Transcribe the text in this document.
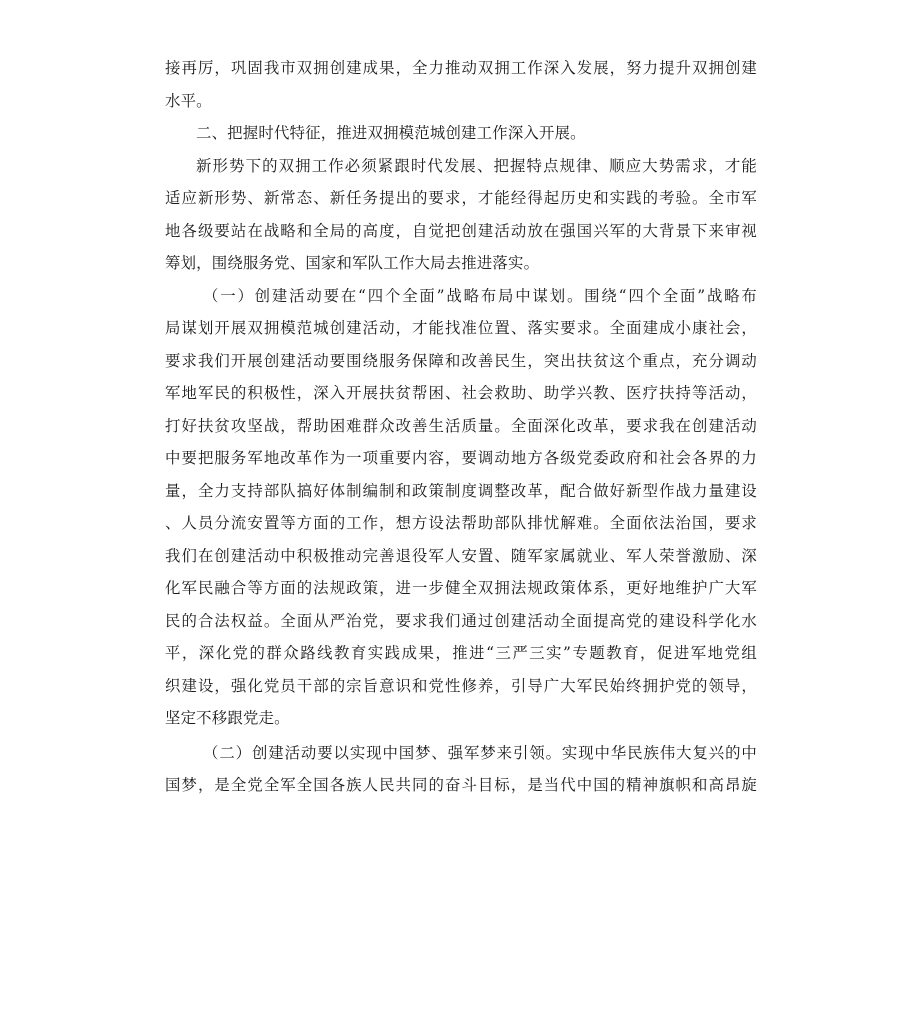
接再厉，巩固我市双拥创建成果，全力推动双拥工作深入发展，努力提升双拥创建
水平。
二、把握时代特征，推进双拥模范城创建工作深入开展。
新形势下的双拥工作必须紧跟时代发展、把握特点规律、顺应大势需求，才能
适应新形势、新常态、新任务提出的要求，才能经得起历史和实践的考验。全市军
地各级要站在战略和全局的高度，自觉把创建活动放在强国兴军的大背景下来审视
筹划，围绕服务党、国家和军队工作大局去推进落实。
（一）创建活动要在“四个全面”战略布局中谋划。围绕“四个全面”战略布
局谋划开展双拥模范城创建活动，才能找准位置、落实要求。全面建成小康社会，
要求我们开展创建活动要围绕服务保障和改善民生，突出扶贫这个重点，充分调动
军地军民的积极性，深入开展扶贫帮困、社会救助、助学兴教、医疗扶持等活动，
打好扶贫攻坚战，帮助困难群众改善生活质量。全面深化改革，要求我在创建活动
中要把服务军地改革作为一项重要内容，要调动地方各级党委政府和社会各界的力
量，全力支持部队搞好体制编制和政策制度调整改革，配合做好新型作战力量建设
、人员分流安置等方面的工作，想方设法帮助部队排忧解难。全面依法治国，要求
我们在创建活动中积极推动完善退役军人安置、随军家属就业、军人荣誉激励、深
化军民融合等方面的法规政策，进一步健全双拥法规政策体系，更好地维护广大军
民的合法权益。全面从严治党，要求我们通过创建活动全面提高党的建设科学化水
平，深化党的群众路线教育实践成果，推进“三严三实”专题教育，促进军地党组
织建设，强化党员干部的宗旨意识和党性修养，引导广大军民始终拥护党的领导，
坚定不移跟党走。
（二）创建活动要以实现中国梦、强军梦来引领。实现中华民族伟大复兴的中
国梦，是全党全军全国各族人民共同的奋斗目标，是当代中国的精神旗帜和高昂旋
